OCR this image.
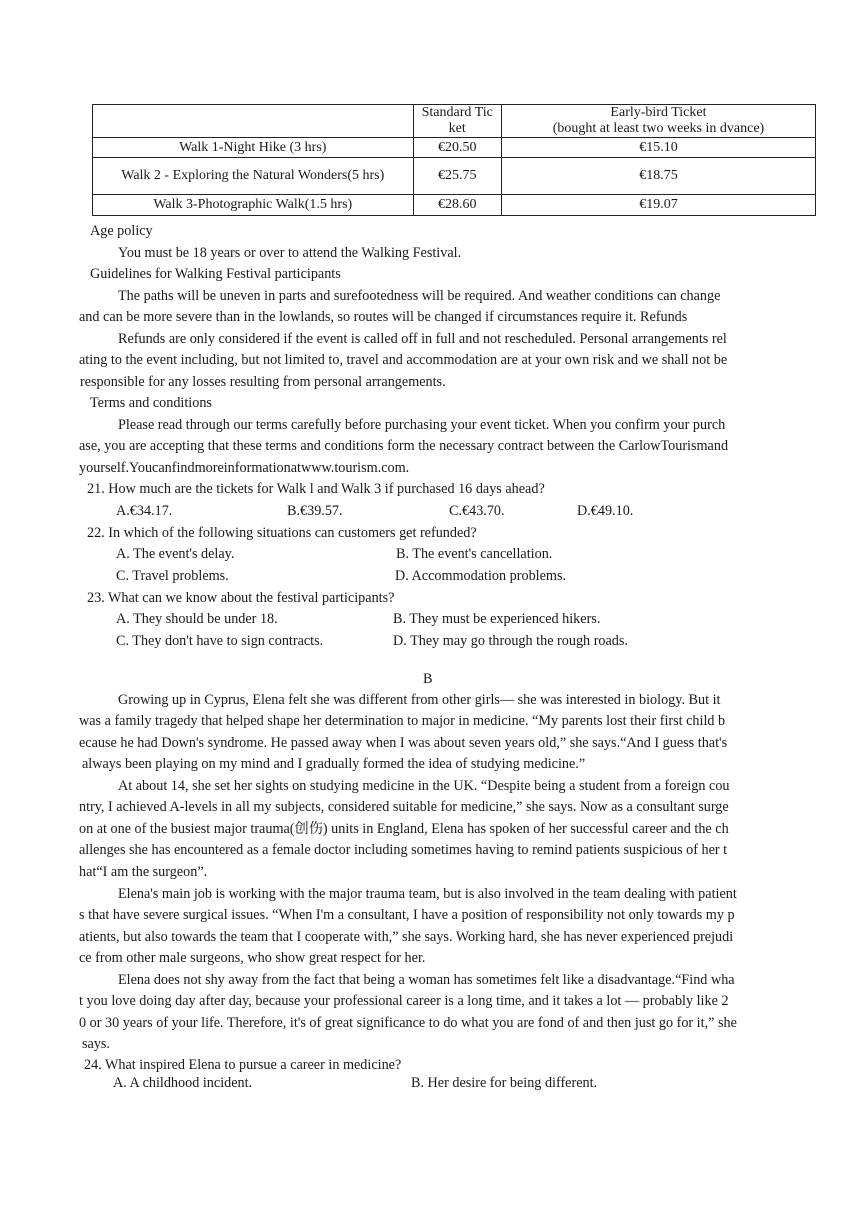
	Standard Tic
ket	Early-bird Ticket
(bought at least two weeks in dvance)

Walk 1-Night Hike (3 hrs)	€20.50	€15.10
Walk 2 - Exploring the Natural Wonders(5 hrs)	€25.75	€18.75
Walk 3-Photographic Walk(1.5 hrs)	€28.60	€19.07
Age policy
You must be 18 years or over to attend the Walking Festival.
Guidelines for Walking Festival participants
The paths will be uneven in parts and surefootedness will be required. And weather conditions can change
and can be more severe than in the lowlands, so routes will be changed if circumstances require it. Refunds
Refunds are only considered if the event is called off in full and not rescheduled. Personal arrangements rel
ating to the event including, but not limited to, travel and accommodation are at your own risk and we shall not be
responsible for any losses resulting from personal arrangements.
Terms and conditions
Please read through our terms carefully before purchasing your event ticket. When you confirm your purch
ase, you are accepting that these terms and conditions form the necessary contract between the CarlowTourismand
yourself.Youcanfindmoreinformationatwww.tourism.com.
21. How much are the tickets for Walk l and Walk 3 if purchased 16 days ahead?
A.€34.17.	B.€39.57.	C.€43.70.	D.€49.10.
22. In which of the following situations can customers get refunded?
A. The event's delay.	B. The event's cancellation.
C. Travel problems.	D. Accommodation problems.
23. What can we know about the festival participants?
A. They should be under 18.	B. They must be experienced hikers.
C. They don't have to sign contracts.	D. They may go through the rough roads.
B
Growing up in Cyprus, Elena felt she was different from other girls— she was interested in biology. But it
was a family tragedy that helped shape her determination to major in medicine. “My parents lost their first child b
ecause he had Down's syndrome. He passed away when I was about seven years old,” she says.“And I guess that's
always been playing on my mind and I gradually formed the idea of studying medicine.”
At about 14, she set her sights on studying medicine in the UK. “Despite being a student from a foreign cou
ntry, I achieved A-levels in all my subjects, considered suitable for medicine,” she says. Now as a consultant surge
on at one of the busiest major trauma(创伤) units in England, Elena has spoken of her successful career and the ch
allenges she has encountered as a female doctor including sometimes having to remind patients suspicious of her t
hat“I am the surgeon”.
Elena's main job is working with the major trauma team, but is also involved in the team dealing with patient
s that have severe surgical issues. “When I'm a consultant, I have a position of responsibility not only towards my p
atients, but also towards the team that I cooperate with,” she says. Working hard, she has never experienced prejudi
ce from other male surgeons, who show great respect for her.
Elena does not shy away from the fact that being a woman has sometimes felt like a disadvantage.“Find wha
t you love doing day after day, because your professional career is a long time, and it takes a lot — probably like 2
0 or 30 years of your life. Therefore, it's of great significance to do what you are fond of and then just go for it,” she
says.
24. What inspired Elena to pursue a career in medicine?
A. A childhood incident.	B. Her desire for being different.
